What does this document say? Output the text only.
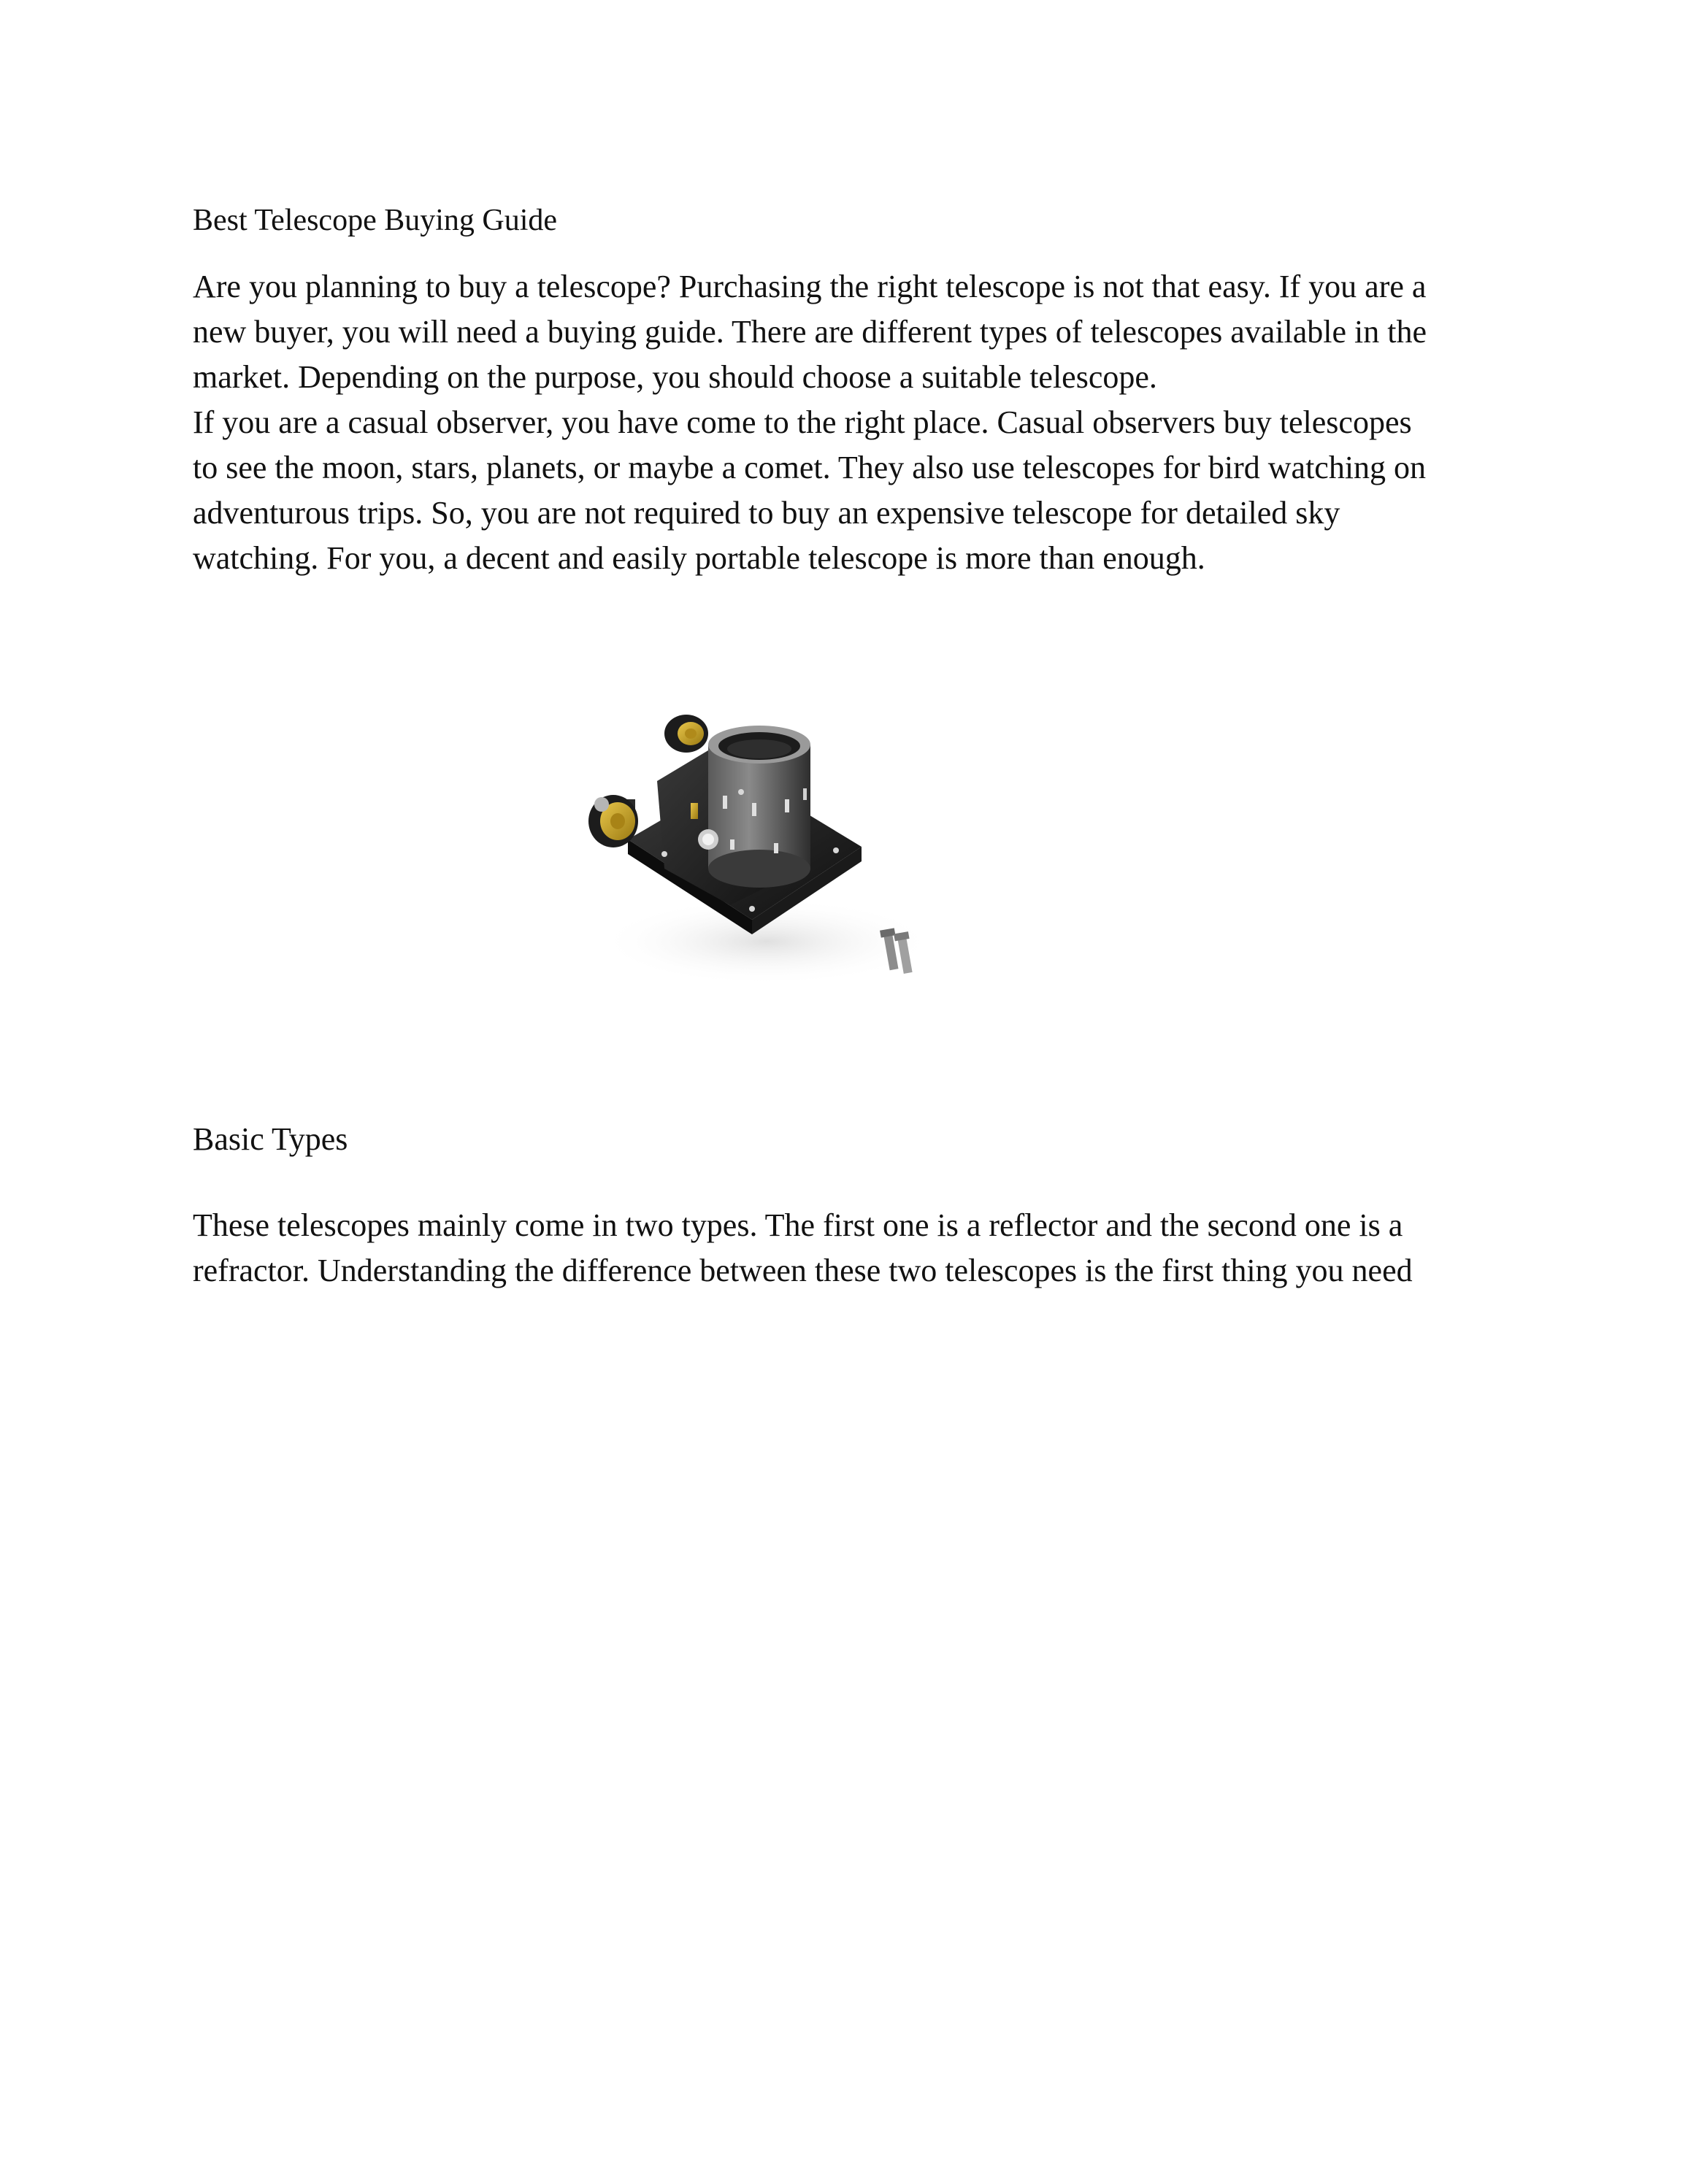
Best Telescope Buying Guide
Are you planning to buy a telescope? Purchasing the right telescope is not that easy. If you are a
new buyer, you will need a buying guide. There are different types of telescopes available in the
market. Depending on the purpose, you should choose a suitable telescope.
If you are a casual observer, you have come to the right place. Casual observers buy telescopes
to see the moon, stars, planets, or maybe a comet. They also use telescopes for bird watching on
adventurous trips. So, you are not required to buy an expensive telescope for detailed sky
watching. For you, a decent and easily portable telescope is more than enough.
Basic Types
These telescopes mainly come in two types. The first one is a reflector and the second one is a
refractor. Understanding the difference between these two telescopes is the first thing you need
